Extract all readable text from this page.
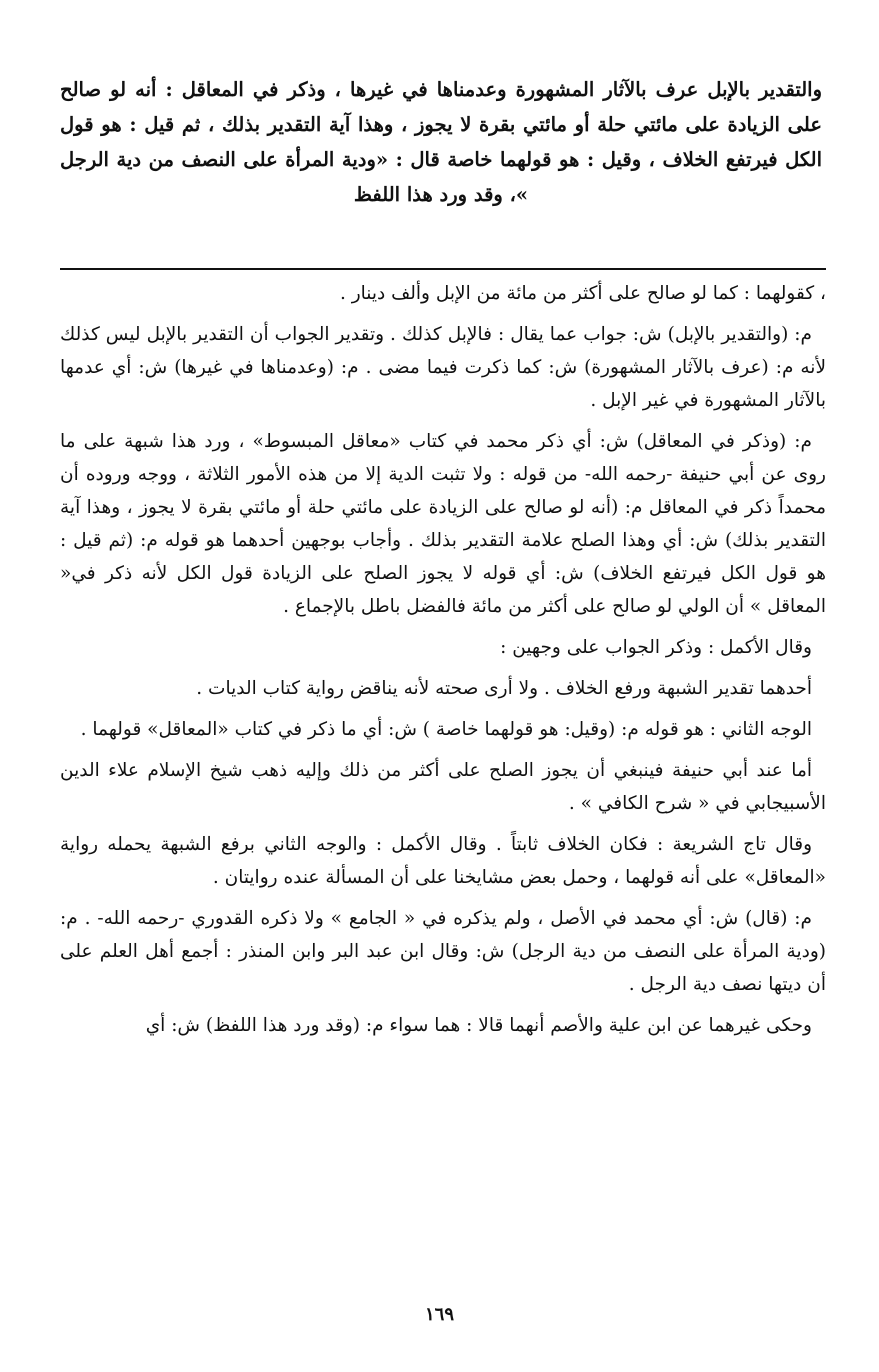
والتقدير بالإبل عرف بالآثار المشهورة وعدمناها في غيرها ، وذكر في المعاقل : أنه لو صالح على الزيادة على مائتي حلة أو مائتي بقرة لا يجوز ، وهذا آية التقدير بذلك ، ثم قيل : هو قول الكل فيرتفع الخلاف ، وقيل : هو قولهما خاصة قال : «ودية المرأة على النصف من دية الرجل »، وقد ورد هذا اللفظ

، كقولهما : كما لو صالح على أكثر من مائة من الإبل وألف دينار .

م: (والتقدير بالإبل) ش: جواب عما يقال : فالإبل كذلك . وتقدير الجواب أن التقدير بالإبل ليس كذلك لأنه م: (عرف بالآثار المشهورة) ش: كما ذكرت فيما مضى . م: (وعدمناها في غيرها) ش: أي عدمها بالآثار المشهورة في غير الإبل .

م: (وذكر في المعاقل) ش: أي ذكر محمد في كتاب «معاقل المبسوط» ، ورد هذا شبهة على ما روى عن أبي حنيفة -رحمه الله- من قوله : ولا تثبت الدية إلا من هذه الأمور الثلاثة ، ووجه وروده أن محمداً ذكر في المعاقل م: (أنه لو صالح على الزيادة على مائتي حلة أو مائتي بقرة لا يجوز ، وهذا آية التقدير بذلك) ش: أي وهذا الصلح علامة التقدير بذلك . وأجاب بوجهين أحدهما هو قوله م: (ثم قيل : هو قول الكل فيرتفع الخلاف) ش: أي قوله لا يجوز الصلح على الزيادة قول الكل لأنه ذكر في« المعاقل » أن الولي لو صالح على أكثر من مائة فالفضل باطل بالإجماع .

وقال الأكمل : وذكر الجواب على وجهين :

أحدهما تقدير الشبهة ورفع الخلاف . ولا أرى صحته لأنه يناقض رواية كتاب الديات .

الوجه الثاني : هو قوله م: (وقيل: هو قولهما خاصة ) ش: أي ما ذكر في كتاب «المعاقل» قولهما .

أما عند أبي حنيفة فينبغي أن يجوز الصلح على أكثر من ذلك وإليه ذهب شيخ الإسلام علاء الدين الأسبيجابي في « شرح الكافي » .

وقال تاج الشريعة : فكان الخلاف ثابتاً . وقال الأكمل : والوجه الثاني برفع الشبهة يحمله رواية «المعاقل» على أنه قولهما ، وحمل بعض مشايخنا على أن المسألة عنده روايتان .

م: (قال) ش: أي محمد في الأصل ، ولم يذكره في « الجامع » ولا ذكره القدوري -رحمه الله- . م: (ودية المرأة على النصف من دية الرجل) ش: وقال ابن عبد البر وابن المنذر : أجمع أهل العلم على أن ديتها نصف دية الرجل .

وحكى غيرهما عن ابن علية والأصم أنهما قالا : هما سواء م: (وقد ورد هذا اللفظ) ش: أي

١٦٩
